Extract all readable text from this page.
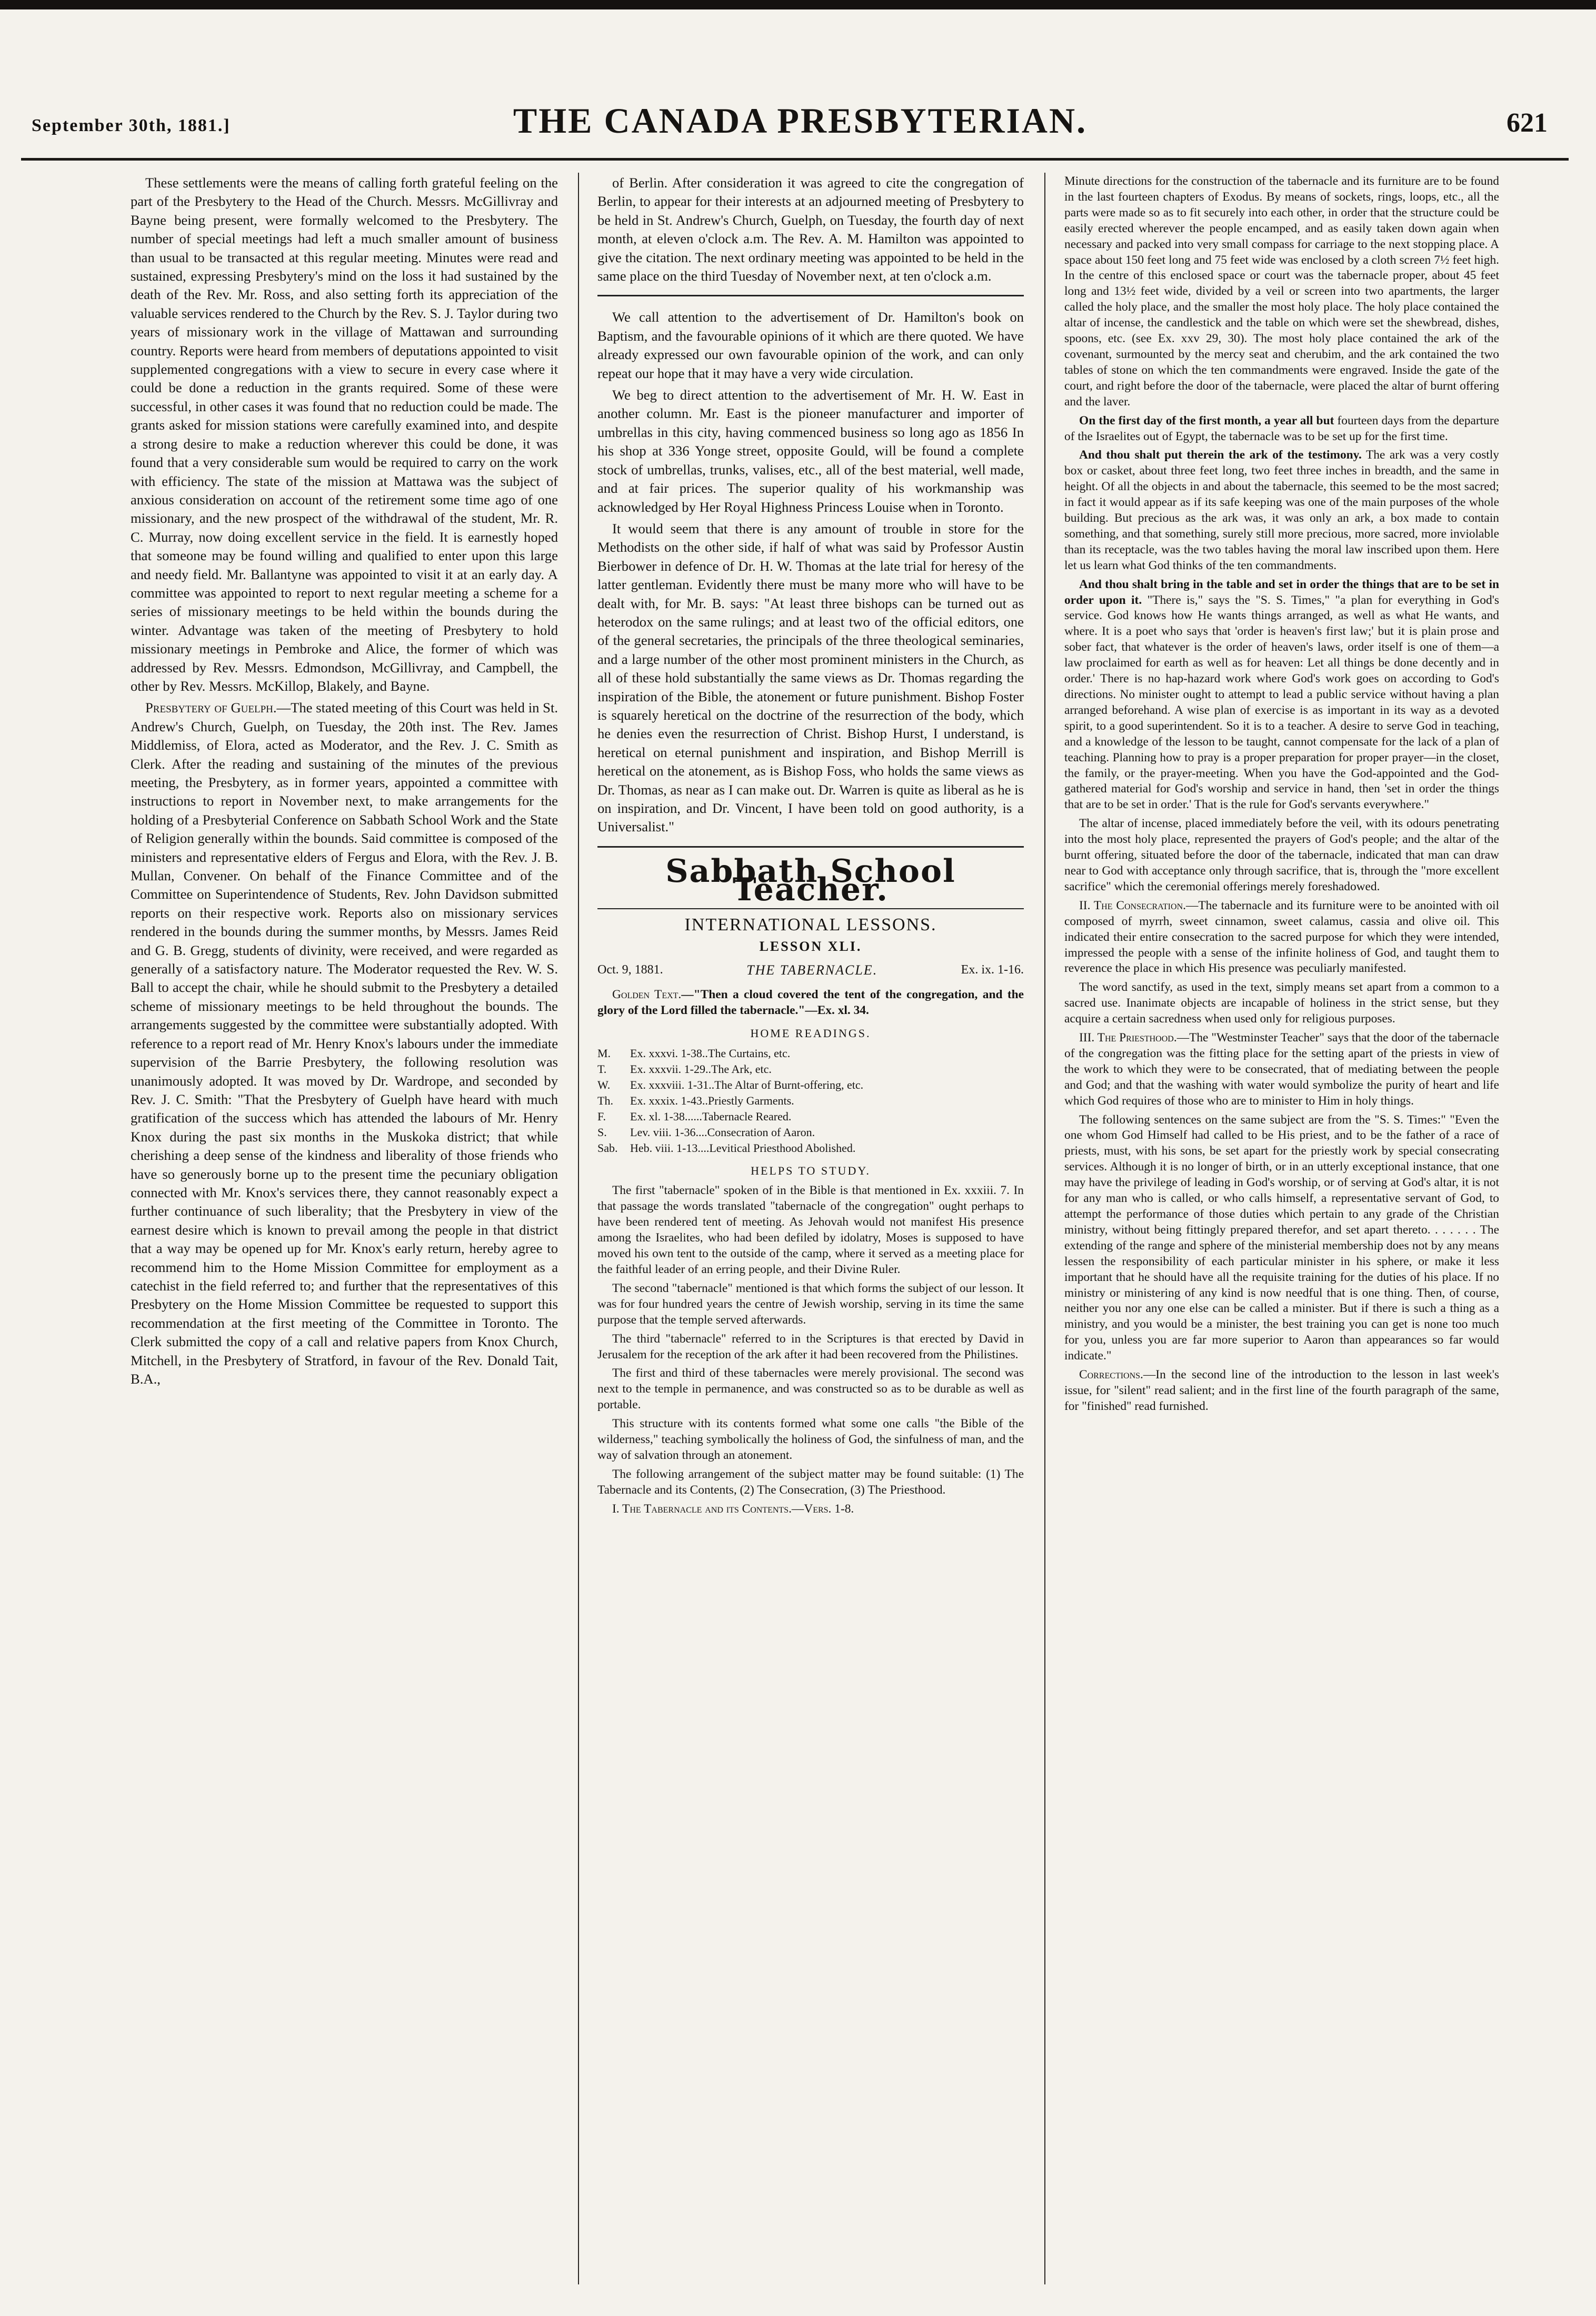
September 30th, 1881.]	THE CANADA PRESBYTERIAN.	621

These settlements were the means of calling forth grateful feeling on the part of the Presbytery to the Head of the Church. Messrs. McGillivray and Bayne being present, were formally welcomed to the Presbytery. The number of special meetings had left a much smaller amount of business than usual to be transacted at this regular meeting. Minutes were read and sustained, expressing Presbytery's mind on the loss it had sustained by the death of the Rev. Mr. Ross, and also setting forth its appreciation of the valuable services rendered to the Church by the Rev. S. J. Taylor during two years of missionary work in the village of Mattawan and surrounding country. Reports were heard from members of deputations appointed to visit supplemented congregations with a view to secure in every case where it could be done a reduction in the grants required. Some of these were successful, in other cases it was found that no reduction could be made. The grants asked for mission stations were carefully examined into, and despite a strong desire to make a reduction wherever this could be done, it was found that a very considerable sum would be required to carry on the work with efficiency. The state of the mission at Mattawa was the subject of anxious consideration on account of the retirement some time ago of one missionary, and the new prospect of the withdrawal of the student, Mr. R. C. Murray, now doing excellent service in the field. It is earnestly hoped that someone may be found willing and qualified to enter upon this large and needy field. Mr. Ballantyne was appointed to visit it at an early day. A committee was appointed to report to next regular meeting a scheme for a series of missionary meetings to be held within the bounds during the winter. Advantage was taken of the meeting of Presbytery to hold missionary meetings in Pembroke and Alice, the former of which was addressed by Rev. Messrs. Edmondson, McGillivray, and Campbell, the other by Rev. Messrs. McKillop, Blakely, and Bayne.

Presbytery of Guelph.—The stated meeting of this Court was held in St. Andrew's Church, Guelph, on Tuesday, the 20th inst. The Rev. James Middlemiss, of Elora, acted as Moderator, and the Rev. J. C. Smith as Clerk. After the reading and sustaining of the minutes of the previous meeting, the Presbytery, as in former years, appointed a committee with instructions to report in November next, to make arrangements for the holding of a Presbyterial Conference on Sabbath School Work and the State of Religion generally within the bounds. Said committee is composed of the ministers and representative elders of Fergus and Elora, with the Rev. J. B. Mullan, Convener. On behalf of the Finance Committee and of the Committee on Superintendence of Students, Rev. John Davidson submitted reports on their respective work. Reports also on missionary services rendered in the bounds during the summer months, by Messrs. James Reid and G. B. Gregg, students of divinity, were received, and were regarded as generally of a satisfactory nature. The Moderator requested the Rev. W. S. Ball to accept the chair, while he should submit to the Presbytery a detailed scheme of missionary meetings to be held throughout the bounds. The arrangements suggested by the committee were substantially adopted. With reference to a report read of Mr. Henry Knox's labours under the immediate supervision of the Barrie Presbytery, the following resolution was unanimously adopted. It was moved by Dr. Wardrope, and seconded by Rev. J. C. Smith: "That the Presbytery of Guelph have heard with much gratification of the success which has attended the labours of Mr. Henry Knox during the past six months in the Muskoka district; that while cherishing a deep sense of the kindness and liberality of those friends who have so generously borne up to the present time the pecuniary obligation connected with Mr. Knox's services there, they cannot reasonably expect a further continuance of such liberality; that the Presbytery in view of the earnest desire which is known to prevail among the people in that district that a way may be opened up for Mr. Knox's early return, hereby agree to recommend him to the Home Mission Committee for employment as a catechist in the field referred to; and further that the representatives of this Presbytery on the Home Mission Committee be requested to support this recommendation at the first meeting of the Committee in Toronto. The Clerk submitted the copy of a call and relative papers from Knox Church, Mitchell, in the Presbytery of Stratford, in favour of the Rev. Donald Tait, B.A.,

of Berlin. After consideration it was agreed to cite the congregation of Berlin, to appear for their interests at an adjourned meeting of Presbytery to be held in St. Andrew's Church, Guelph, on Tuesday, the fourth day of next month, at eleven o'clock a.m. The Rev. A. M. Hamilton was appointed to give the citation. The next ordinary meeting was appointed to be held in the same place on the third Tuesday of November next, at ten o'clock a.m.

We call attention to the advertisement of Dr. Hamilton's book on Baptism, and the favourable opinions of it which are there quoted. We have already expressed our own favourable opinion of the work, and can only repeat our hope that it may have a very wide circulation.

We beg to direct attention to the advertisement of Mr. H. W. East in another column. Mr. East is the pioneer manufacturer and importer of umbrellas in this city, having commenced business so long ago as 1856 In his shop at 336 Yonge street, opposite Gould, will be found a complete stock of umbrellas, trunks, valises, etc., all of the best material, well made, and at fair prices. The superior quality of his workmanship was acknowledged by Her Royal Highness Princess Louise when in Toronto.

It would seem that there is any amount of trouble in store for the Methodists on the other side, if half of what was said by Professor Austin Bierbower in defence of Dr. H. W. Thomas at the late trial for heresy of the latter gentleman. Evidently there must be many more who will have to be dealt with, for Mr. B. says: "At least three bishops can be turned out as heterodox on the same rulings; and at least two of the official editors, one of the general secretaries, the principals of the three theological seminaries, and a large number of the other most prominent ministers in the Church, as all of these hold substantially the same views as Dr. Thomas regarding the inspiration of the Bible, the atonement or future punishment. Bishop Foster is squarely heretical on the doctrine of the resurrection of the body, which he denies even the resurrection of Christ. Bishop Hurst, I understand, is heretical on eternal punishment and inspiration, and Bishop Merrill is heretical on the atonement, as is Bishop Foss, who holds the same views as Dr. Thomas, as near as I can make out. Dr. Warren is quite as liberal as he is on inspiration, and Dr. Vincent, I have been told on good authority, is a Universalist."

Sabbath School Teacher.
INTERNATIONAL LESSONS.
LESSON XLI.
Oct. 9, 1881.	THE TABERNACLE.	Ex. ix. 1-16.

Golden Text.—"Then a cloud covered the tent of the congregation, and the glory of the Lord filled the tabernacle."—Ex. xl. 34.

HOME READINGS.
M.	Ex. xxxvi. 1-38..The Curtains, etc.
T.	Ex. xxxvii. 1-29..The Ark, etc.
W.	Ex. xxxviii. 1-31..The Altar of Burnt-offering, etc.
Th.	Ex. xxxix. 1-43..Priestly Garments.
F.	Ex. xl. 1-38......Tabernacle Reared.
S.	Lev. viii. 1-36....Consecration of Aaron.
Sab.	Heb. viii. 1-13....Levitical Priesthood Abolished.
HELPS TO STUDY.

The first "tabernacle" spoken of in the Bible is that mentioned in Ex. xxxiii. 7. In that passage the words translated "tabernacle of the congregation" ought perhaps to have been rendered tent of meeting. As Jehovah would not manifest His presence among the Israelites, who had been defiled by idolatry, Moses is supposed to have moved his own tent to the outside of the camp, where it served as a meeting place for the faithful leader of an erring people, and their Divine Ruler.

The second "tabernacle" mentioned is that which forms the subject of our lesson. It was for four hundred years the centre of Jewish worship, serving in its time the same purpose that the temple served afterwards.

The third "tabernacle" referred to in the Scriptures is that erected by David in Jerusalem for the reception of the ark after it had been recovered from the Philistines.

The first and third of these tabernacles were merely provisional. The second was next to the temple in permanence, and was constructed so as to be durable as well as portable.

This structure with its contents formed what some one calls "the Bible of the wilderness," teaching symbolically the holiness of God, the sinfulness of man, and the way of salvation through an atonement.

The following arrangement of the subject matter may be found suitable: (1) The Tabernacle and its Contents, (2) The Consecration, (3) The Priesthood.

I. The Tabernacle and its Contents.—Vers. 1-8.

Minute directions for the construction of the tabernacle and its furniture are to be found in the last fourteen chapters of Exodus. By means of sockets, rings, loops, etc., all the parts were made so as to fit securely into each other, in order that the structure could be easily erected wherever the people encamped, and as easily taken down again when necessary and packed into very small compass for carriage to the next stopping place. A space about 150 feet long and 75 feet wide was enclosed by a cloth screen 7½ feet high. In the centre of this enclosed space or court was the tabernacle proper, about 45 feet long and 13½ feet wide, divided by a veil or screen into two apartments, the larger called the holy place, and the smaller the most holy place. The holy place contained the altar of incense, the candlestick and the table on which were set the shewbread, dishes, spoons, etc. (see Ex. xxv 29, 30). The most holy place contained the ark of the covenant, surmounted by the mercy seat and cherubim, and the ark contained the two tables of stone on which the ten commandments were engraved. Inside the gate of the court, and right before the door of the tabernacle, were placed the altar of burnt offering and the laver.

On the first day of the first month, a year all but fourteen days from the departure of the Israelites out of Egypt, the tabernacle was to be set up for the first time.

And thou shalt put therein the ark of the testimony. The ark was a very costly box or casket, about three feet long, two feet three inches in breadth, and the same in height. Of all the objects in and about the tabernacle, this seemed to be the most sacred; in fact it would appear as if its safe keeping was one of the main purposes of the whole building. But precious as the ark was, it was only an ark, a box made to contain something, and that something, surely still more precious, more sacred, more inviolable than its receptacle, was the two tables having the moral law inscribed upon them. Here let us learn what God thinks of the ten commandments.

And thou shalt bring in the table and set in order the things that are to be set in order upon it. "There is," says the "S. S. Times," "a plan for everything in God's service. God knows how He wants things arranged, as well as what He wants, and where. It is a poet who says that 'order is heaven's first law;' but it is plain prose and sober fact, that whatever is the order of heaven's laws, order itself is one of them—a law proclaimed for earth as well as for heaven: Let all things be done decently and in order.' There is no hap-hazard work where God's work goes on according to God's directions. No minister ought to attempt to lead a public service without having a plan arranged beforehand. A wise plan of exercise is as important in its way as a devoted spirit, to a good superintendent. So it is to a teacher. A desire to serve God in teaching, and a knowledge of the lesson to be taught, cannot compensate for the lack of a plan of teaching. Planning how to pray is a proper preparation for proper prayer—in the closet, the family, or the prayer-meeting. When you have the God-appointed and the God-gathered material for God's worship and service in hand, then 'set in order the things that are to be set in order.' That is the rule for God's servants everywhere."

The altar of incense, placed immediately before the veil, with its odours penetrating into the most holy place, represented the prayers of God's people; and the altar of the burnt offering, situated before the door of the tabernacle, indicated that man can draw near to God with acceptance only through sacrifice, that is, through the "more excellent sacrifice" which the ceremonial offerings merely foreshadowed.

II. The Consecration.—The tabernacle and its furniture were to be anointed with oil composed of myrrh, sweet cinnamon, sweet calamus, cassia and olive oil. This indicated their entire consecration to the sacred purpose for which they were intended, impressed the people with a sense of the infinite holiness of God, and taught them to reverence the place in which His presence was peculiarly manifested.

The word sanctify, as used in the text, simply means set apart from a common to a sacred use. Inanimate objects are incapable of holiness in the strict sense, but they acquire a certain sacredness when used only for religious purposes.

III. The Priesthood.—The "Westminster Teacher" says that the door of the tabernacle of the congregation was the fitting place for the setting apart of the priests in view of the work to which they were to be consecrated, that of mediating between the people and God; and that the washing with water would symbolize the purity of heart and life which God requires of those who are to minister to Him in holy things.

The following sentences on the same subject are from the "S. S. Times:" "Even the one whom God Himself had called to be His priest, and to be the father of a race of priests, must, with his sons, be set apart for the priestly work by special consecrating services. Although it is no longer of birth, or in an utterly exceptional instance, that one may have the privilege of leading in God's worship, or of serving at God's altar, it is not for any man who is called, or who calls himself, a representative servant of God, to attempt the performance of those duties which pertain to any grade of the Christian ministry, without being fittingly prepared therefor, and set apart thereto. . . . . . . The extending of the range and sphere of the ministerial membership does not by any means lessen the responsibility of each particular minister in his sphere, or make it less important that he should have all the requisite training for the duties of his place. If no ministry or ministering of any kind is now needful that is one thing. Then, of course, neither you nor any one else can be called a minister. But if there is such a thing as a ministry, and you would be a minister, the best training you can get is none too much for you, unless you are far more superior to Aaron than appearances so far would indicate."

Corrections.—In the second line of the introduction to the lesson in last week's issue, for "silent" read salient; and in the first line of the fourth paragraph of the same, for "finished" read furnished.
